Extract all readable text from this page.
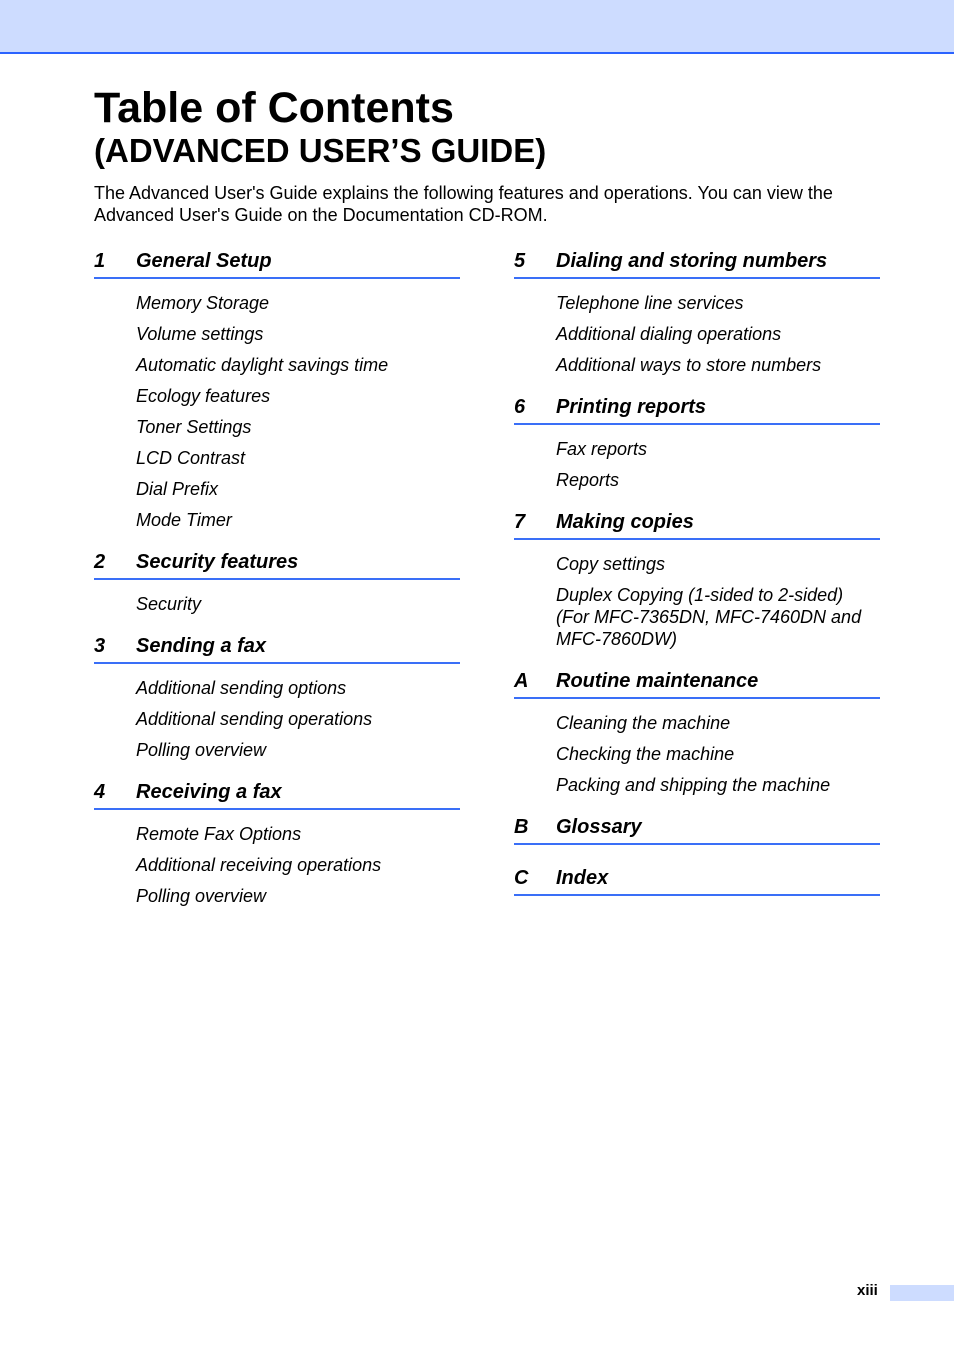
Table of Contents
(ADVANCED USER’S GUIDE)

The Advanced User's Guide explains the following features and operations. You can view the Advanced User's Guide on the Documentation CD-ROM.

1	General Setup
Memory Storage
Volume settings
Automatic daylight savings time
Ecology features
Toner Settings
LCD Contrast
Dial Prefix
Mode Timer
2	Security features
Security
3	Sending a fax
Additional sending options
Additional sending operations
Polling overview
4	Receiving a fax
Remote Fax Options
Additional receiving operations
Polling overview
5	Dialing and storing numbers
Telephone line services
Additional dialing operations
Additional ways to store numbers
6	Printing reports
Fax reports
Reports
7	Making copies
Copy settings
Duplex Copying (1-sided to 2-sided) (For MFC-7365DN, MFC-7460DN and MFC-7860DW)
A	Routine maintenance
Cleaning the machine
Checking the machine
Packing and shipping the machine
B	Glossary
C	Index
xiii
